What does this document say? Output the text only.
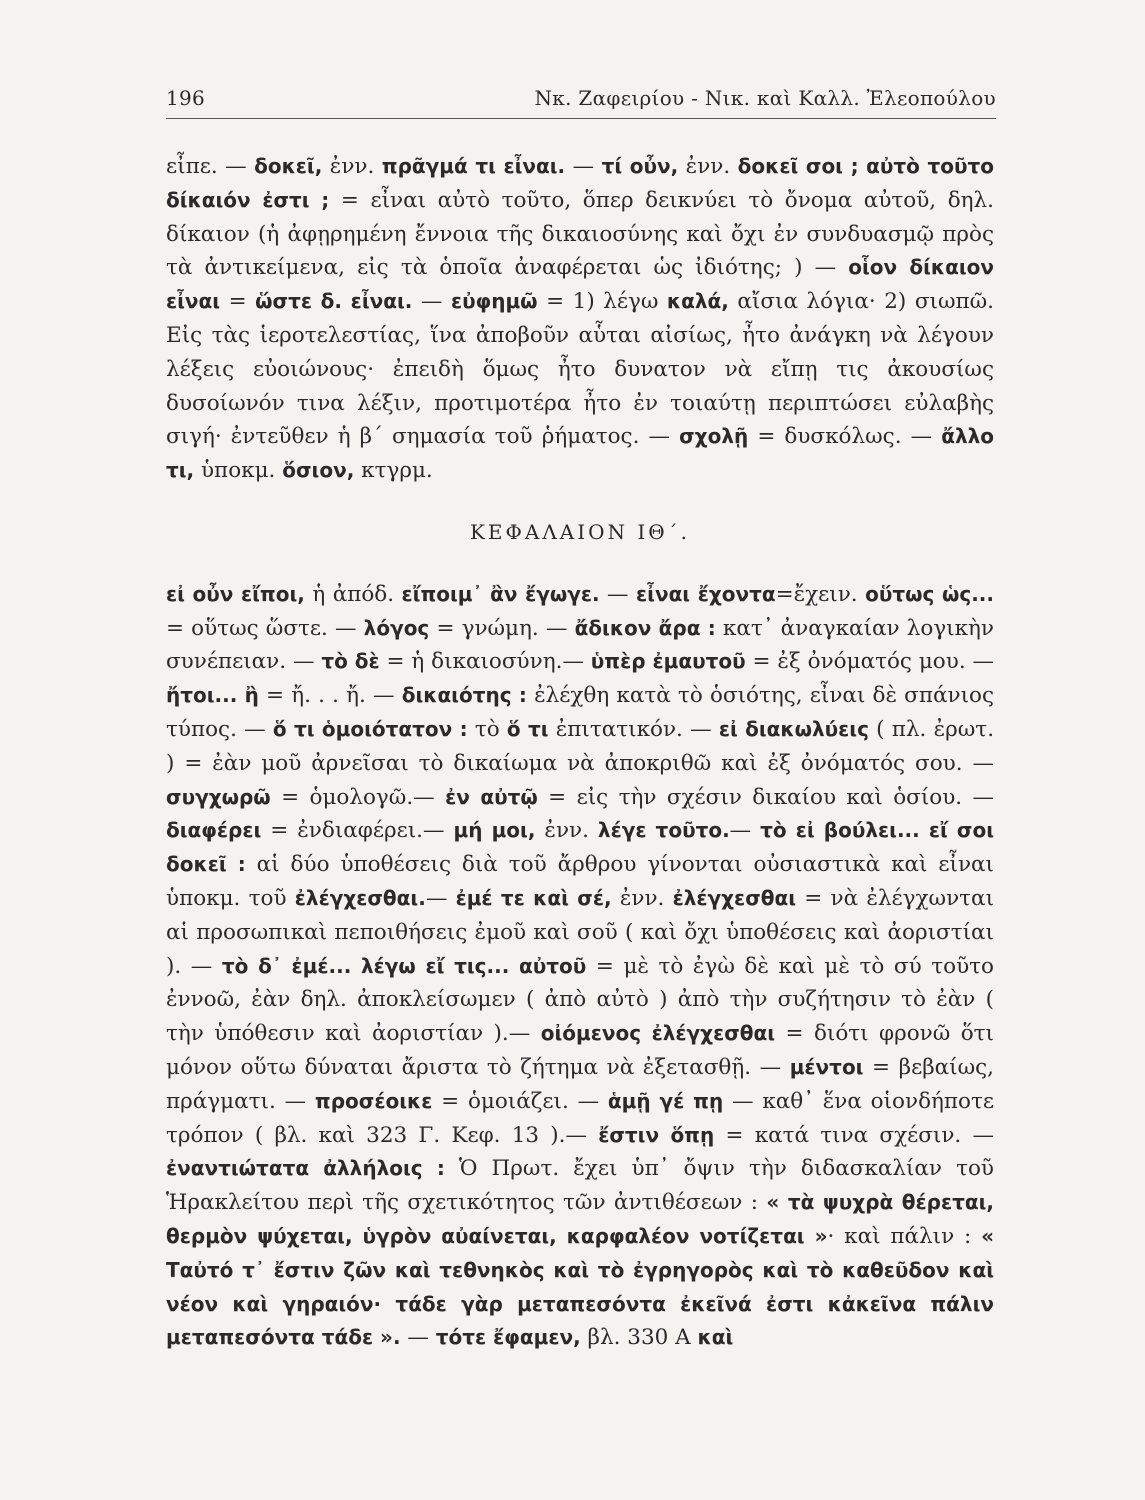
196	Νκ. Ζαφειρίου - Νικ. καὶ Καλλ. Ἐλεοπούλου

εἶπε. — δοκεῖ, ἐνν. πρᾶγμά τι εἶναι. — τί οὖν, ἐνν. δοκεῖ σοι ; αὐτὸ τοῦτο δίκαιόν ἐστι ; = εἶναι αὐτὸ τοῦτο, ὅπερ δεικνύει τὸ ὄνομα αὐτοῦ, δηλ. δίκαιον (ἡ ἀφῃρημένη ἔννοια τῆς δικαιοσύνης καὶ ὄχι ἐν συνδυασμῷ πρὸς τὰ ἀντικείμενα, εἰς τὰ ὁποῖα ἀναφέρεται ὡς ἰδιότης; ) — οἷον δίκαιον εἶναι = ὥστε δ. εἶναι. — εὐφημῶ = 1) λέγω καλά, αἴσια λόγια· 2) σιωπῶ. Εἰς τὰς ἱεροτελεστίας, ἵνα ἀποβοῦν αὗται αἰσίως, ἦτο ἀνάγκη νὰ λέγουν λέξεις εὐοιώνους· ἐπειδὴ ὅμως ἦτο δυνατον νὰ εἴπῃ τις ἀκουσίως δυσοίωνόν τινα λέξιν, προτιμοτέρα ἦτο ἐν τοιαύτῃ περιπτώσει εὐλαβὴς σιγή· ἐντεῦθεν ἡ β΄ σημασία τοῦ ῥήματος. — σχολῇ = δυσκόλως. — ἄλλο τι, ὑποκμ. ὅσιον, κτγρμ.

ΚΕΦΑΛΑΙΟΝ ΙΘ΄.

εἰ οὖν εἴποι, ἡ ἀπόδ. εἴποιμ᾽ ἂν ἔγωγε. — εἶναι ἔχοντα=ἔχειν. οὕτως ὡς... = οὕτως ὥστε. — λόγος = γνώμη. — ἄδικον ἄρα : κατ᾽ ἀναγκαίαν λογικὴν συνέπειαν. — τὸ δὲ = ἡ δικαιοσύνη.— ὑπὲρ ἐμαυτοῦ = ἐξ ὀνόματός μου. — ἤτοι... ἢ = ἤ. . . ἤ. — δικαιότης : ἐλέχθη κατὰ τὸ ὁσιότης, εἶναι δὲ σπάνιος τύπος. — ὅ τι ὁμοιότατον : τὸ ὅ τι ἐπιτατικόν. — εἰ διακωλύεις ( πλ. ἐρωτ. ) = ἐὰν μοῦ ἀρνεῖσαι τὸ δικαίωμα νὰ ἀποκριθῶ καὶ ἐξ ὀνόματός σου. — συγχωρῶ = ὁμολογῶ.— ἐν αὐτῷ = εἰς τὴν σχέσιν δικαίου καὶ ὁσίου. —διαφέρει = ἐνδιαφέρει.— μή μοι, ἐνν. λέγε τοῦτο.— τὸ εἰ βούλει... εἴ σοι δοκεῖ : αἱ δύο ὑποθέσεις διὰ τοῦ ἄρθρου γίνονται οὐσιαστικὰ καὶ εἶναι ὑποκμ. τοῦ ἐλέγχεσθαι.— ἐμέ τε καὶ σέ, ἐνν. ἐλέγχεσθαι = νὰ ἐλέγχωνται αἱ προσωπικαὶ πεποιθήσεις ἐμοῦ καὶ σοῦ ( καὶ ὄχι ὑποθέσεις καὶ ἀοριστίαι ). — τὸ δ᾽ ἐμέ... λέγω εἴ τις... αὐτοῦ = μὲ τὸ ἐγὼ δὲ καὶ μὲ τὸ σύ τοῦτο ἐννοῶ, ἐὰν δηλ. ἀποκλείσωμεν ( ἀπὸ αὐτὸ ) ἀπὸ τὴν συζήτησιν τὸ ἐὰν ( τὴν ὑπόθεσιν καὶ ἀοριστίαν ).— οἰόμενος ἐλέγχεσθαι = διότι φρονῶ ὅτι μόνον οὕτω δύναται ἄριστα τὸ ζήτημα νὰ ἐξετασθῇ. — μέντοι = βεβαίως, πράγματι. — προσέοικε = ὁμοιάζει. — ἁμῇ γέ πῃ — καθ᾽ ἕνα οἱονδήποτε τρόπον ( βλ. καὶ 323 Γ. Κεφ. 13 ).— ἔστιν ὅπῃ = κατά τινα σχέσιν. — ἐναντιώτατα ἀλλήλοις : Ὁ Πρωτ. ἔχει ὑπ᾽ ὄψιν τὴν διδασκαλίαν τοῦ Ἡρακλείτου περὶ τῆς σχετικότητος τῶν ἀντιθέσεων : « τὰ ψυχρὰ θέρεται, θερμὸν ψύχεται, ὑγρὸν αὐαίνεται, καρφαλέον νοτίζεται »· καὶ πάλιν : « Ταὐτό τ᾽ ἔστιν ζῶν καὶ τεθνηκὸς καὶ τὸ ἐγρηγορὸς καὶ τὸ καθεῦδον καὶ νέον καὶ γηραιόν· τάδε γὰρ μεταπεσόντα ἐκεῖνά ἐστι κἀκεῖνα πάλιν μεταπεσόντα τάδε ». — τότε ἔφαμεν, βλ. 330 Α καὶ
